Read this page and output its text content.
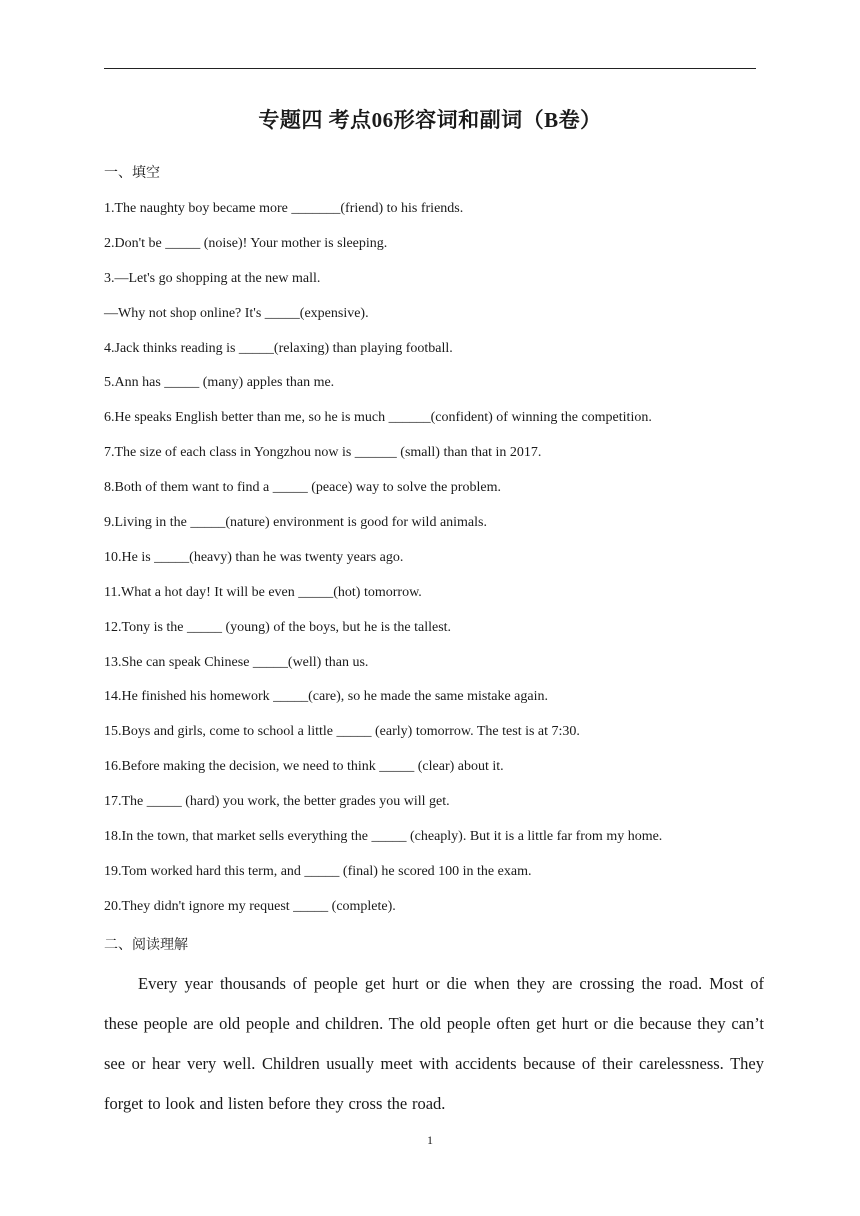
专题四 考点06形容词和副词（B卷）
一、填空
1.The naughty boy became more _______(friend) to his friends.
2.Don't be _____ (noise)! Your mother is sleeping.
3.—Let's go shopping at the new mall.
—Why not shop online? It's _____(expensive).
4.Jack thinks reading is _____(relaxing) than playing football.
5.Ann has _____ (many) apples than me.
6.He speaks English better than me, so he is much ______(confident) of winning the competition.
7.The size of each class in Yongzhou now is ______ (small) than that in 2017.
8.Both of them want to find a _____ (peace) way to solve the problem.
9.Living in the _____(nature) environment is good for wild animals.
10.He is _____(heavy) than he was twenty years ago.
11.What a hot day! It will be even _____(hot) tomorrow.
12.Tony is the _____ (young) of the boys, but he is the tallest.
13.She can speak Chinese _____(well) than us.
14.He finished his homework _____(care), so he made the same mistake again.
15.Boys and girls, come to school a little _____ (early) tomorrow. The test is at 7:30.
16.Before making the decision, we need to think _____ (clear) about it.
17.The _____ (hard) you work, the better grades you will get.
18.In the town, that market sells everything the _____ (cheaply). But it is a little far from my home.
19.Tom worked hard this term, and _____ (final) he scored 100 in the exam.
20.They didn't ignore my request _____ (complete).
二、阅读理解

Every year thousands of people get hurt or die when they are crossing the road. Most of these people are old people and children. The old people often get hurt or die because they can’t see or hear very well. Children usually meet with accidents because of their carelessness. They forget to look and listen before they cross the road.

1
